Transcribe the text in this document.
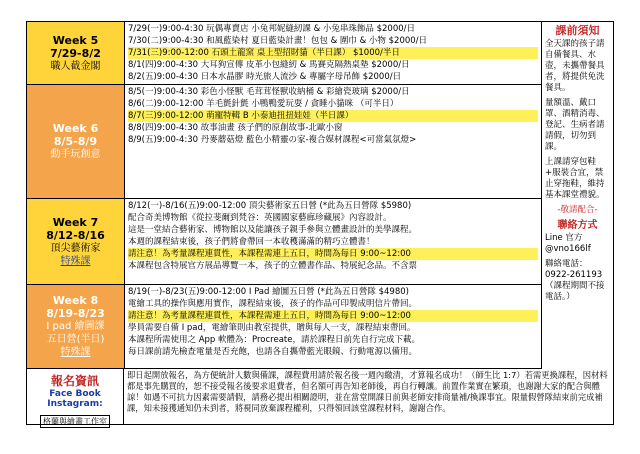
Week 5
7/29-8/2
職人截金閣
Week 6
8/5-8/9
動手玩創意
Week 7
8/12-8/16
頂尖藝術家
特殊課
Week 8
8/19-8/23
I pad 繪圖課
五日營(半日)
特殊課
7/29(一)9:00-4:30 玩偶專賣店 小兔邦妮縫紉課 & 小兔串珠飾品 $2000/日
7/30(二)9:00-4:30 和風藍染村 夏日藍染計畫！包包 & 圍巾 & 小物 $2000/日
7/31(三)9:00-12:00 石頭土龍窯 桌上型招財貓（半日課） $1000/半日
8/1(四)9:00-4:30 大耳狗宣傳 皮革小包縫紉 & 馬賽克隔熱桌墊 $2000/日
8/2(五)9:00-4:30 日本水晶膠 時光旅人流沙 & 專屬字母吊飾 $2000/日
8/5(一)9:00-4:30 彩色小怪獸 毛茸茸怪獸收納桶 & 彩繪瓷玻璃 $2000/日
8/6(二)9:00-12:00 羊毛氈針氈 小鴨鴨愛玩耍 / 貪睡小貓咪 （可半日）
8/7(三)9:00-12:00 萌寵特輯 B 小泰迪扭扭娃娃（半日課）
8/8(四)9:00-4:30 故事油畫 孩子們的原創故事-北歐小窗
8/9(五)9:00-4:30 丹麥蘑菇燈 藍色小精靈の家-複合媒材課程<可當氣氛燈>
8/12(一)-8/16(五)9:00-12:00 頂尖藝術家五日營 (*此為五日營隊 $5980)
配合奇美博物館《從拉斐爾到梵谷：英國國家藝廊珍藏展》內容設計。
這是一堂結合藝術家、博物館以及能讓孩子親手參與立體畫設計的美學課程。
本週的課程結束後，孩子們將會帶回一本收穫滿滿的精巧立體書！
請注意！為考量課程連貫性，本課程需連上五日，時間為每日 9:00~12:00
本課程包含特展官方展品導覽一本，孩子的立體書作品、特展紀念品。不含票
8/19(一)-8/23(五)9:00-12:00 I Pad 繪圖五日營 (*此為五日營隊 $4980)
電繪工具的操作與應用實作，課程結束後，孩子的作品可印製成明信片帶回。
請注意！為考量課程連貫性，本課程需連上五日，時間為每日 9:00~12:00
學員需要自備 I pad，電繪筆則由教室提供，贈與每人一支，課程結束帶回。
本課程所需使用之 App 軟體為：Procreate，請於課程日前先自行完成下載。
每日課前請先檢查電量是否充飽，也請各自攜帶藍光眼鏡、行動電源以備用。
課前須知

全天課的孩子請自備餐具、水壺，未攜帶餐具者，將提供免洗餐具。

量額溫、戴口罩、酒精消毒、登記、生病者請請假，切勿到課。

上課請穿包鞋+服裝合宜，禁止穿拖鞋，維持基本課堂禮貌。

-敬請配合-

聯絡方式

Line 官方 @vno166lf

聯絡電話：

0922-261193

（課程期間不接電話。）

報名資訊
Face Book
Instagram:
格蘭與繪畫工作室
即日起開放報名，為方便統計人數與備課，課程費用請於報名後一週內繳清，才算報名成功！（師生比 1:7）若需更換課程，因材料都是事先購買的，恕不接受報名後要求退費者，但名額可再告知老師後，再自行轉讓。前置作業實在繁瑣，也謝謝大家的配合與體諒！如遇不可抗力因素需要請假，請務必提出相關證明，並在當堂開課日前與老師安排商量補/換課事宜。限量假營隊結束前完成補課，知未接獲通知仍未到者，將視同放棄課程權利，只得領回該堂課程材料，謝謝合作。
